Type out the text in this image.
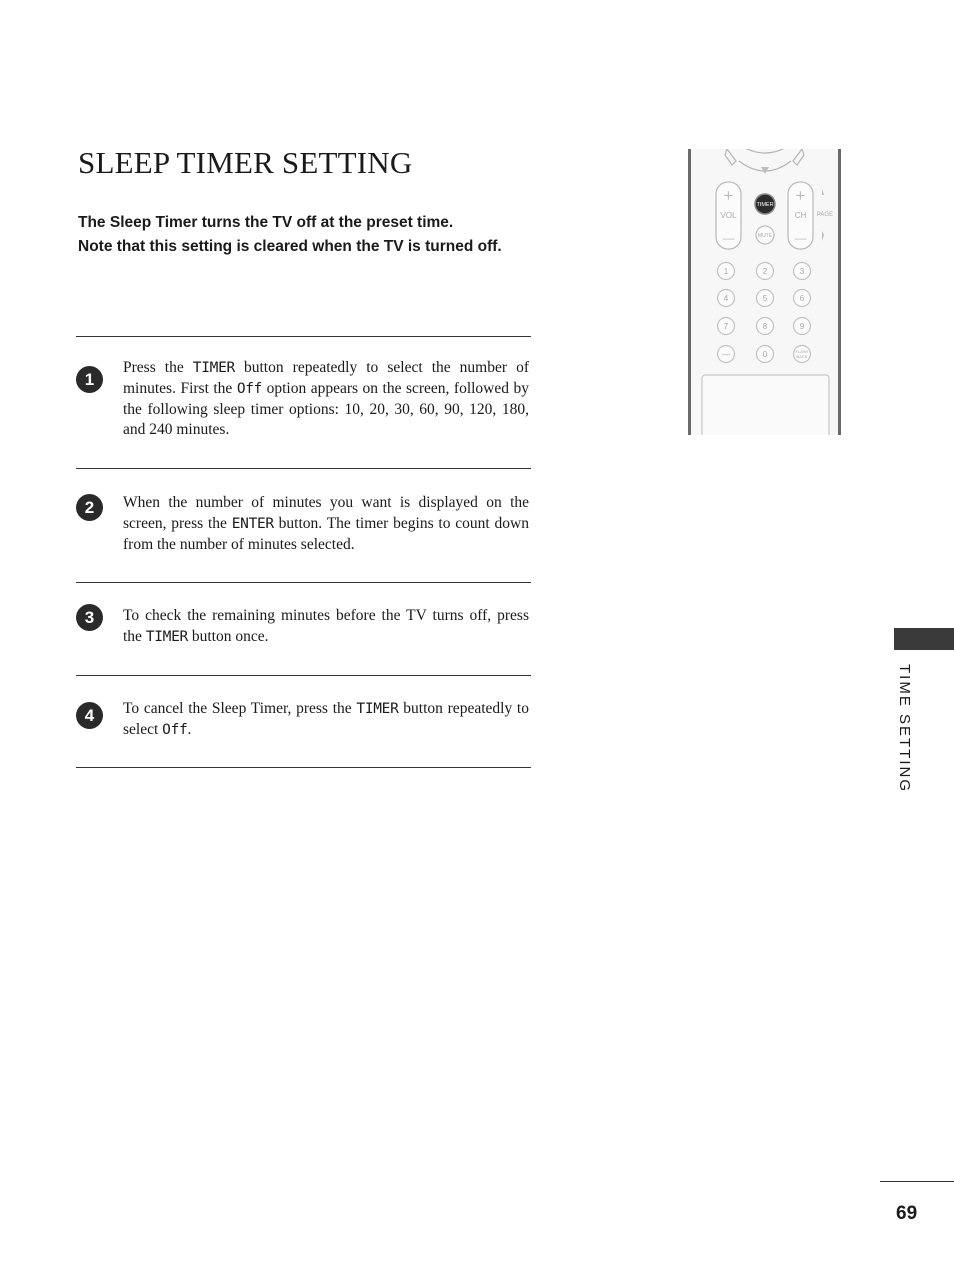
SLEEP TIMER SETTING
The Sleep Timer turns the TV off at the preset time.
Note that this setting is cleared when the TV is turned off.
1
Press the TIMER button repeatedly to select the number of minutes. First the Off option appears on the screen, followed by the following sleep timer options: 10, 20, 30, 60, 90, 120, 180, and 240 minutes.
2	When the number of minutes you want is displayed on the screen, press the ENTER button. The timer begins to count down from the number of minutes selected.
3	To check the remaining minutes before the TV turns off, press the TIMER button once.
4	To cancel the Sleep Timer, press the TIMER button repeatedly to select Off.
+
VOL
—
+
CH
—
TIMER
MUTE
PAGE
1	2	3
4	5	6
7	8	9
—	0	FLASH
BACK
TIME SETTING
69
